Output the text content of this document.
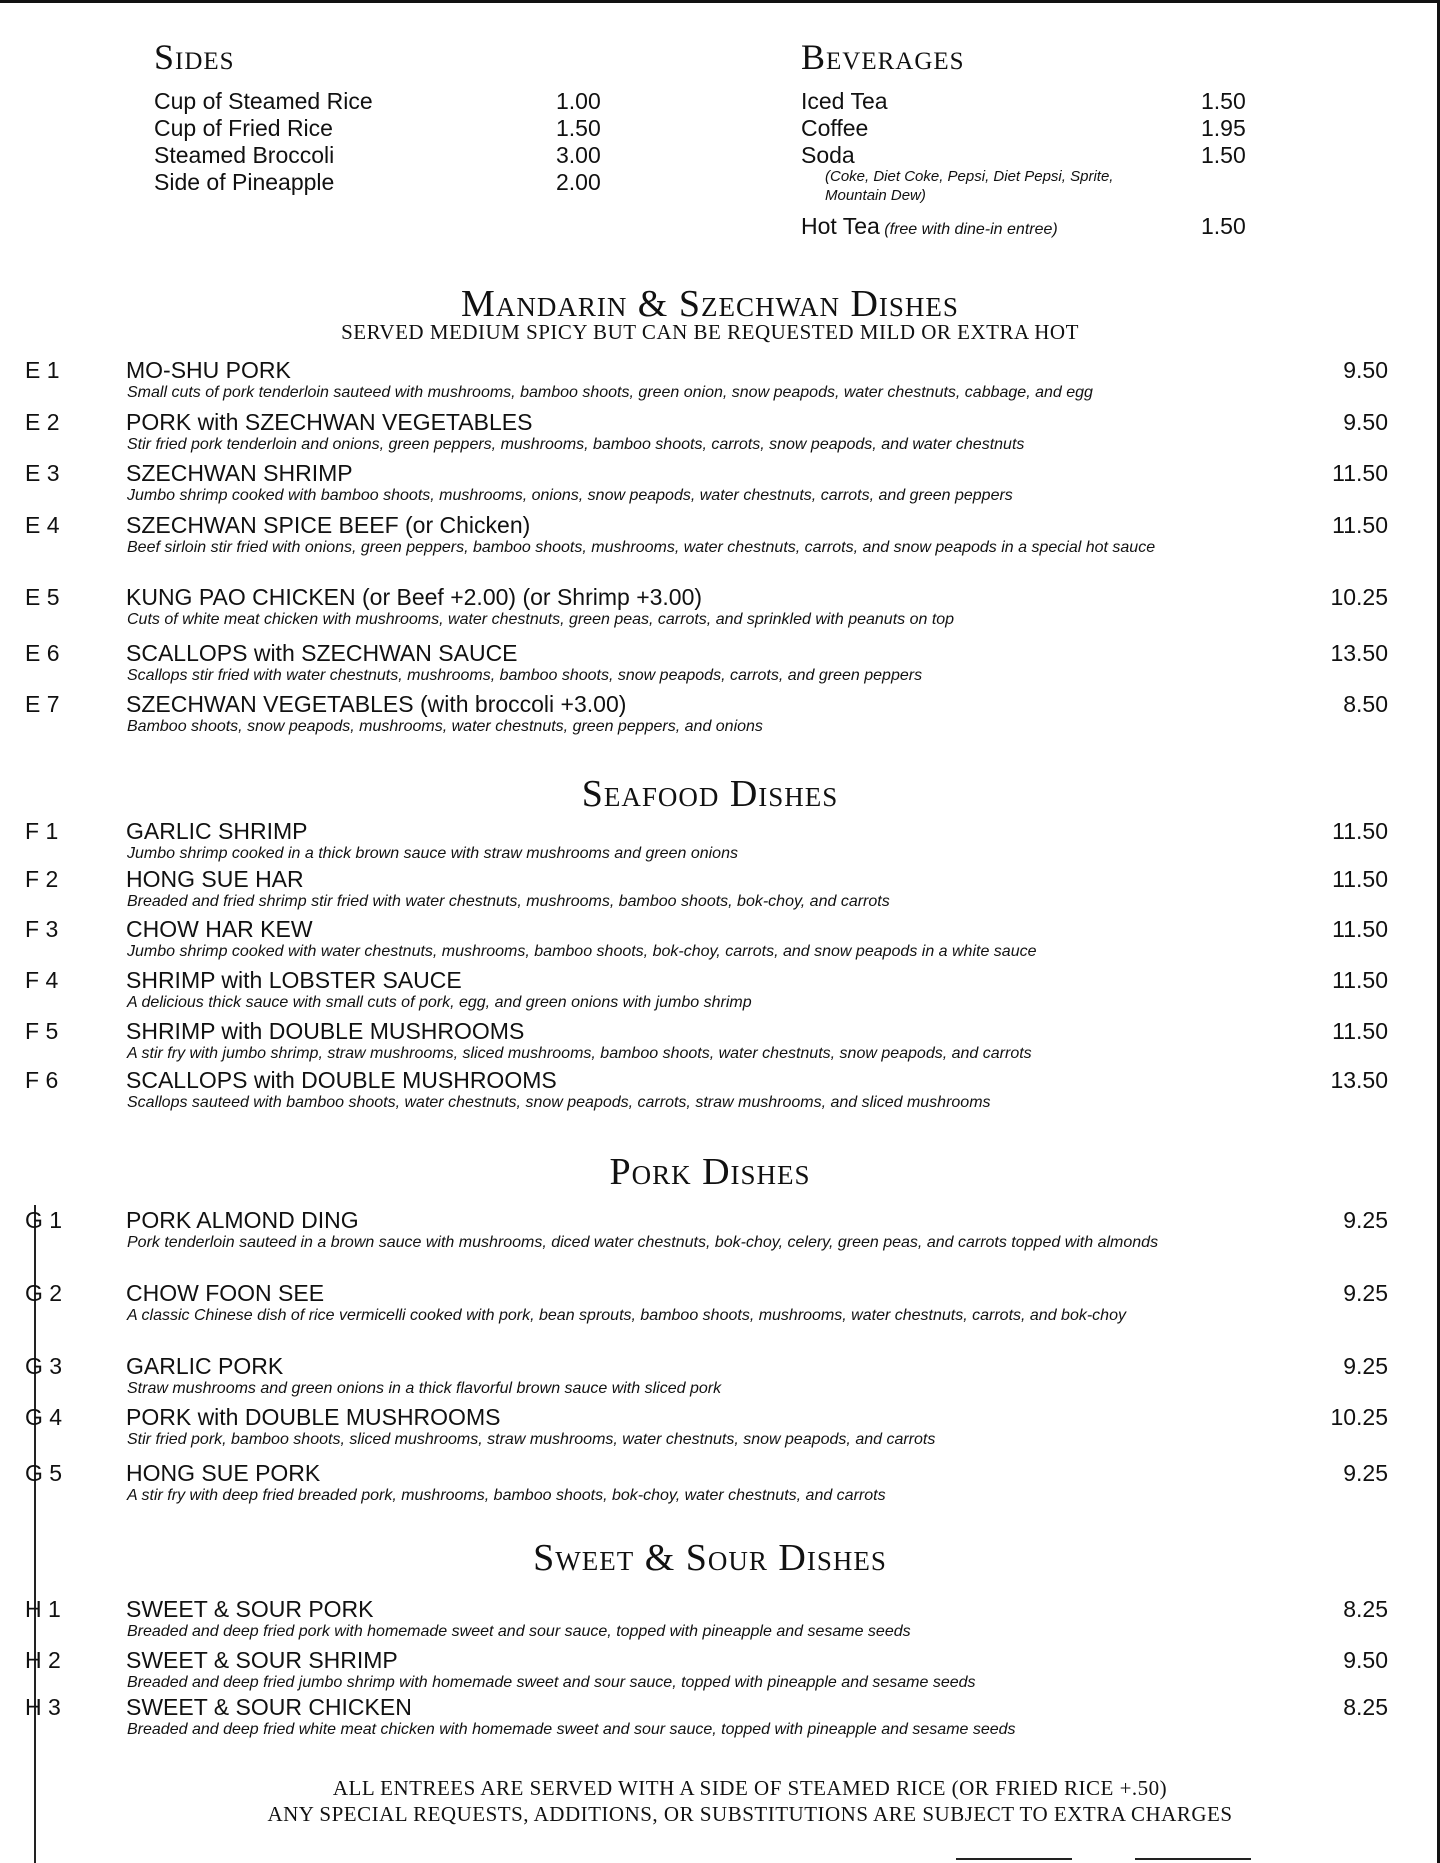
Sides
Cup of Steamed Rice	1.00
Cup of Fried Rice	1.50
Steamed Broccoli	3.00
Side of Pineapple	2.00
Beverages
Iced Tea	1.50
Coffee	1.95
Soda	1.50
(Coke, Diet Coke, Pepsi, Diet Pepsi, Sprite, Mountain Dew)
Hot Tea (free with dine-in entree)	1.50
Mandarin & Szechwan Dishes
SERVED MEDIUM SPICY BUT CAN BE REQUESTED MILD OR EXTRA HOT
E 1	MO-SHU PORK
Small cuts of pork tenderloin sauteed with mushrooms, bamboo shoots, green onion, snow peapods, water chestnuts, cabbage, and egg
9.50
E 2	PORK with SZECHWAN VEGETABLES
Stir fried pork tenderloin and onions, green peppers, mushrooms, bamboo shoots, carrots, snow peapods, and water chestnuts
9.50
E 3	SZECHWAN SHRIMP
Jumbo shrimp cooked with bamboo shoots, mushrooms, onions, snow peapods, water chestnuts, carrots, and green peppers
11.50
E 4	SZECHWAN SPICE BEEF (or Chicken)
Beef sirloin stir fried with onions, green peppers, bamboo shoots, mushrooms, water chestnuts, carrots, and snow peapods in a special hot sauce
11.50
E 5	KUNG PAO CHICKEN (or Beef +2.00) (or Shrimp +3.00)
Cuts of white meat chicken with mushrooms, water chestnuts, green peas, carrots, and sprinkled with peanuts on top
10.25
E 6	SCALLOPS with SZECHWAN SAUCE
Scallops stir fried with water chestnuts, mushrooms, bamboo shoots, snow peapods, carrots, and green peppers
13.50
E 7	SZECHWAN VEGETABLES (with broccoli +3.00)
Bamboo shoots, snow peapods, mushrooms, water chestnuts, green peppers, and onions
8.50
Seafood Dishes
F 1	GARLIC SHRIMP
Jumbo shrimp cooked in a thick brown sauce with straw mushrooms and green onions
11.50
F 2	HONG SUE HAR
Breaded and fried shrimp stir fried with water chestnuts, mushrooms, bamboo shoots, bok-choy, and carrots
11.50
F 3	CHOW HAR KEW
Jumbo shrimp cooked with water chestnuts, mushrooms, bamboo shoots, bok-choy, carrots, and snow peapods in a white sauce
11.50
F 4	SHRIMP with LOBSTER SAUCE
A delicious thick sauce with small cuts of pork, egg, and green onions with jumbo shrimp
11.50
F 5	SHRIMP with DOUBLE MUSHROOMS
A stir fry with jumbo shrimp, straw mushrooms, sliced mushrooms, bamboo shoots, water chestnuts, snow peapods, and carrots
11.50
F 6	SCALLOPS with DOUBLE MUSHROOMS
Scallops sauteed with bamboo shoots, water chestnuts, snow peapods, carrots, straw mushrooms, and sliced mushrooms
13.50
Pork Dishes
G 1	PORK ALMOND DING
Pork tenderloin sauteed in a brown sauce with mushrooms, diced water chestnuts, bok-choy, celery, green peas, and carrots topped with almonds
9.25
G 2	CHOW FOON SEE
A classic Chinese dish of rice vermicelli cooked with pork, bean sprouts, bamboo shoots, mushrooms, water chestnuts, carrots, and bok-choy
9.25
G 3	GARLIC PORK
Straw mushrooms and green onions in a thick flavorful brown sauce with sliced pork
9.25
G 4	PORK with DOUBLE MUSHROOMS
Stir fried pork, bamboo shoots, sliced mushrooms, straw mushrooms, water chestnuts, snow peapods, and carrots
10.25
G 5	HONG SUE PORK
A stir fry with deep fried breaded pork, mushrooms, bamboo shoots, bok-choy, water chestnuts, and carrots
9.25
Sweet & Sour Dishes
H 1	SWEET & SOUR PORK
Breaded and deep fried pork with homemade sweet and sour sauce, topped with pineapple and sesame seeds
8.25
H 2	SWEET & SOUR SHRIMP
Breaded and deep fried jumbo shrimp with homemade sweet and sour sauce, topped with pineapple and sesame seeds
9.50
H 3	SWEET & SOUR CHICKEN
Breaded and deep fried white meat chicken with homemade sweet and sour sauce, topped with pineapple and sesame seeds
8.25
ALL ENTREES ARE SERVED WITH A SIDE OF STEAMED RICE (OR FRIED RICE +.50)
ANY SPECIAL REQUESTS, ADDITIONS, OR SUBSTITUTIONS ARE SUBJECT TO EXTRA CHARGES
